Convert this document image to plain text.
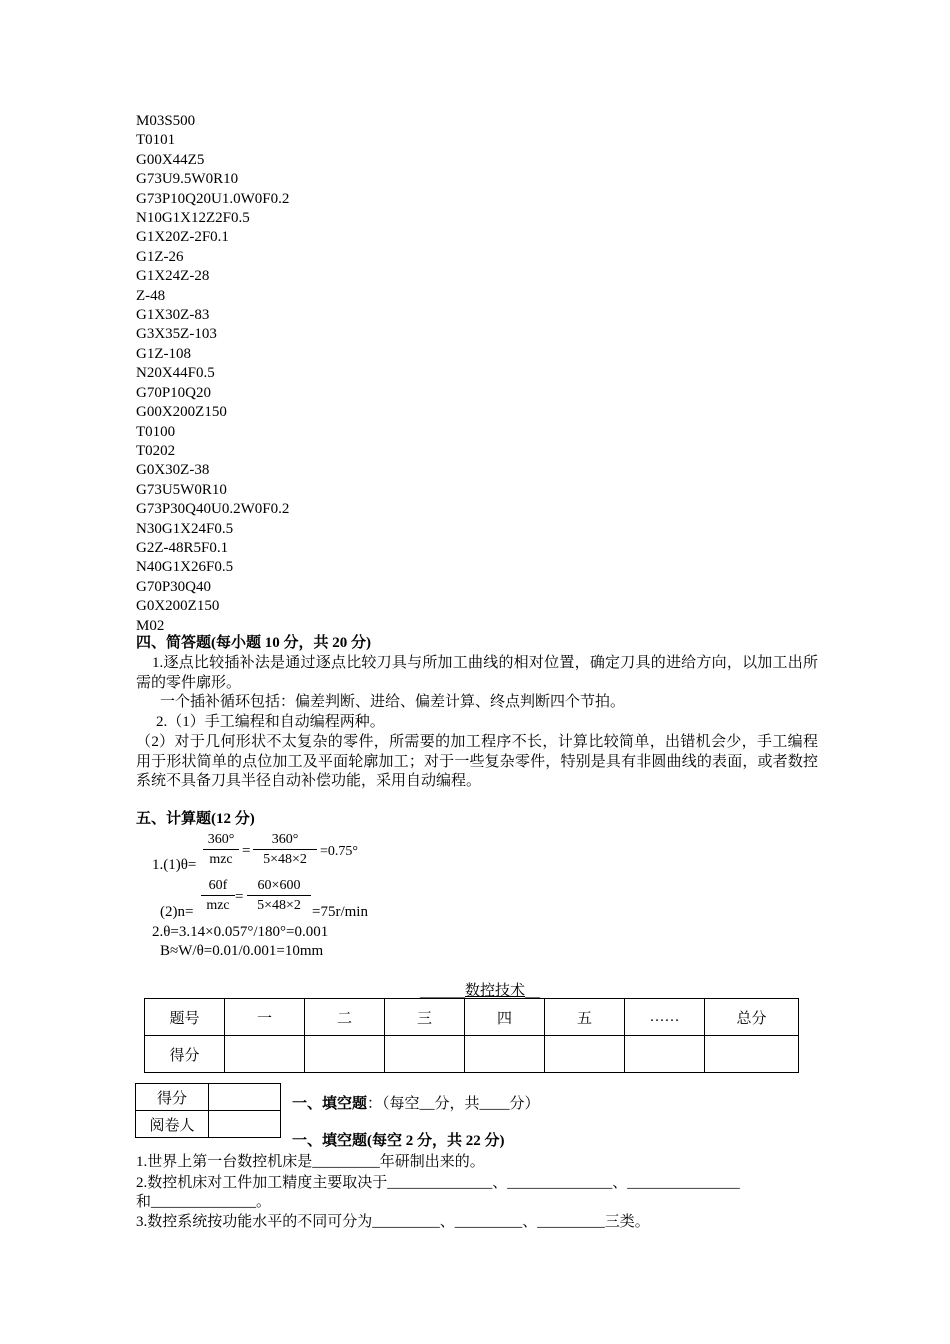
M03S500
T0101
G00X44Z5
G73U9.5W0R10
G73P10Q20U1.0W0F0.2
N10G1X12Z2F0.5
G1X20Z-2F0.1
G1Z-26
G1X24Z-28
Z-48
G1X30Z-83
G3X35Z-103
G1Z-108
N20X44F0.5
G70P10Q20
G00X200Z150
T0100
T0202
G0X30Z-38
G73U5W0R10
G73P30Q40U0.2W0F0.2
N30G1X24F0.5
G2Z-48R5F0.1
N40G1X26F0.5
G70P30Q40
G0X200Z150
M02
四、简答题(每小题 10 分，共 20 分)
1.逐点比较插补法是通过逐点比较刀具与所加工曲线的相对位置，确定刀具的进给方向，以加工出所需的零件廓形。
一个插补循环包括：偏差判断、进给、偏差计算、终点判断四个节拍。
2.（1）手工编程和自动编程两种。
（2）对于几何形状不太复杂的零件，所需要的加工程序不长，计算比较简单，出错机会少，手工编程用于形状简单的点位加工及平面轮廓加工；对于一些复杂零件，特别是具有非圆曲线的表面，或者数控系统不具备刀具半径自动补偿功能，采用自动编程。
五、计算题(12 分)
1.(1)θ=
360°
mzc
= $\frac{360^\circ}{5\times 48\times 2} =0.75^\circ$
(2)n=
60f
mzc
= $\frac{60\times 600}{5\times 48\times 2} =75r/\min$
2.θ=3.14×0.057°/180°=0.001
B≈W/θ=0.01/0.001=10mm
______数控技术__
题号	一	二	三	四	五	……	总分
得分							
得分	
阅卷人	
一、填空题：（每空__分，共____分）
一、填空题(每空 2 分，共 22 分)
1.世界上第一台数控机床是_________年研制出来的。
2.数控机床对工件加工精度主要取决于______________、______________、_______________
和______________。
3.数控系统按功能水平的不同可分为_________、_________、_________三类。
